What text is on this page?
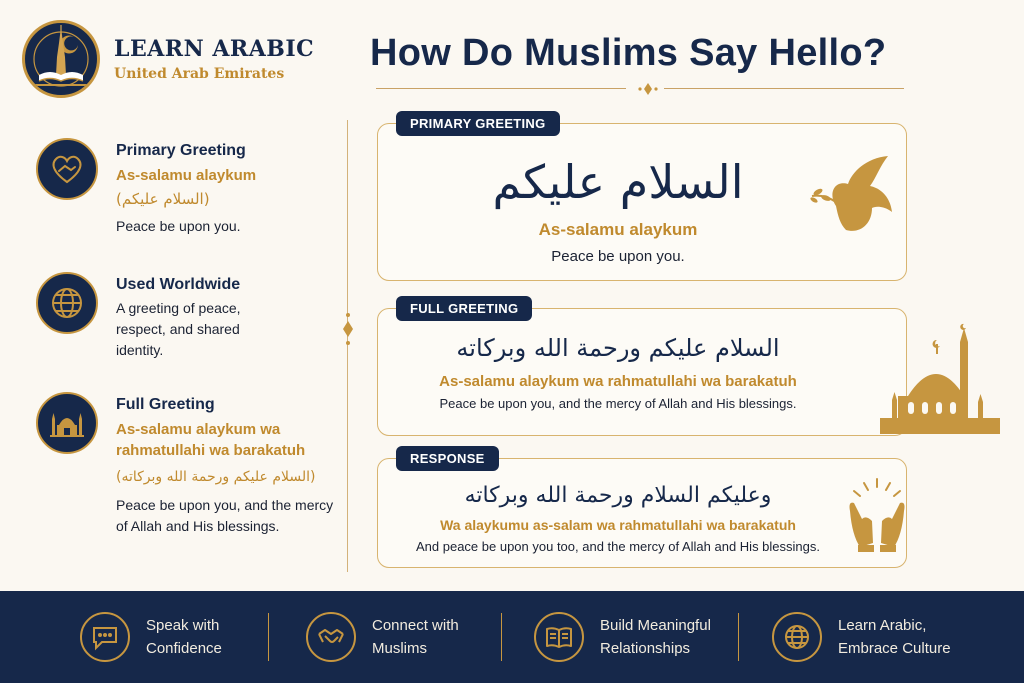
LEARN ARABIC
United Arab Emirates	How Do Muslims Say Hello?
Primary Greeting
As-salamu alaykum
(السلام عليكم)
Peace be upon you.
Used Worldwide
A greeting of peace, respect, and shared identity.
Full Greeting
As-salamu alaykum wa rahmatullahi wa barakatuh
(السلام عليكم ورحمة الله وبركاته)
Peace be upon you, and the mercy of Allah and His blessings.
PRIMARY GREETING
السلام عليكم
As-salamu alaykum
Peace be upon you.
FULL GREETING
السلام عليكم ورحمة الله وبركاته
As-salamu alaykum wa rahmatullahi wa barakatuh
Peace be upon you, and the mercy of Allah and His blessings.
RESPONSE
وعليكم السلام ورحمة الله وبركاته
Wa alaykumu as-salam wa rahmatullahi wa barakatuh
And peace be upon you too, and the mercy of Allah and His blessings.
Speak with
Confidence
Connect with
Muslims
Build Meaningful
Relationships
Learn Arabic,
Embrace Culture
